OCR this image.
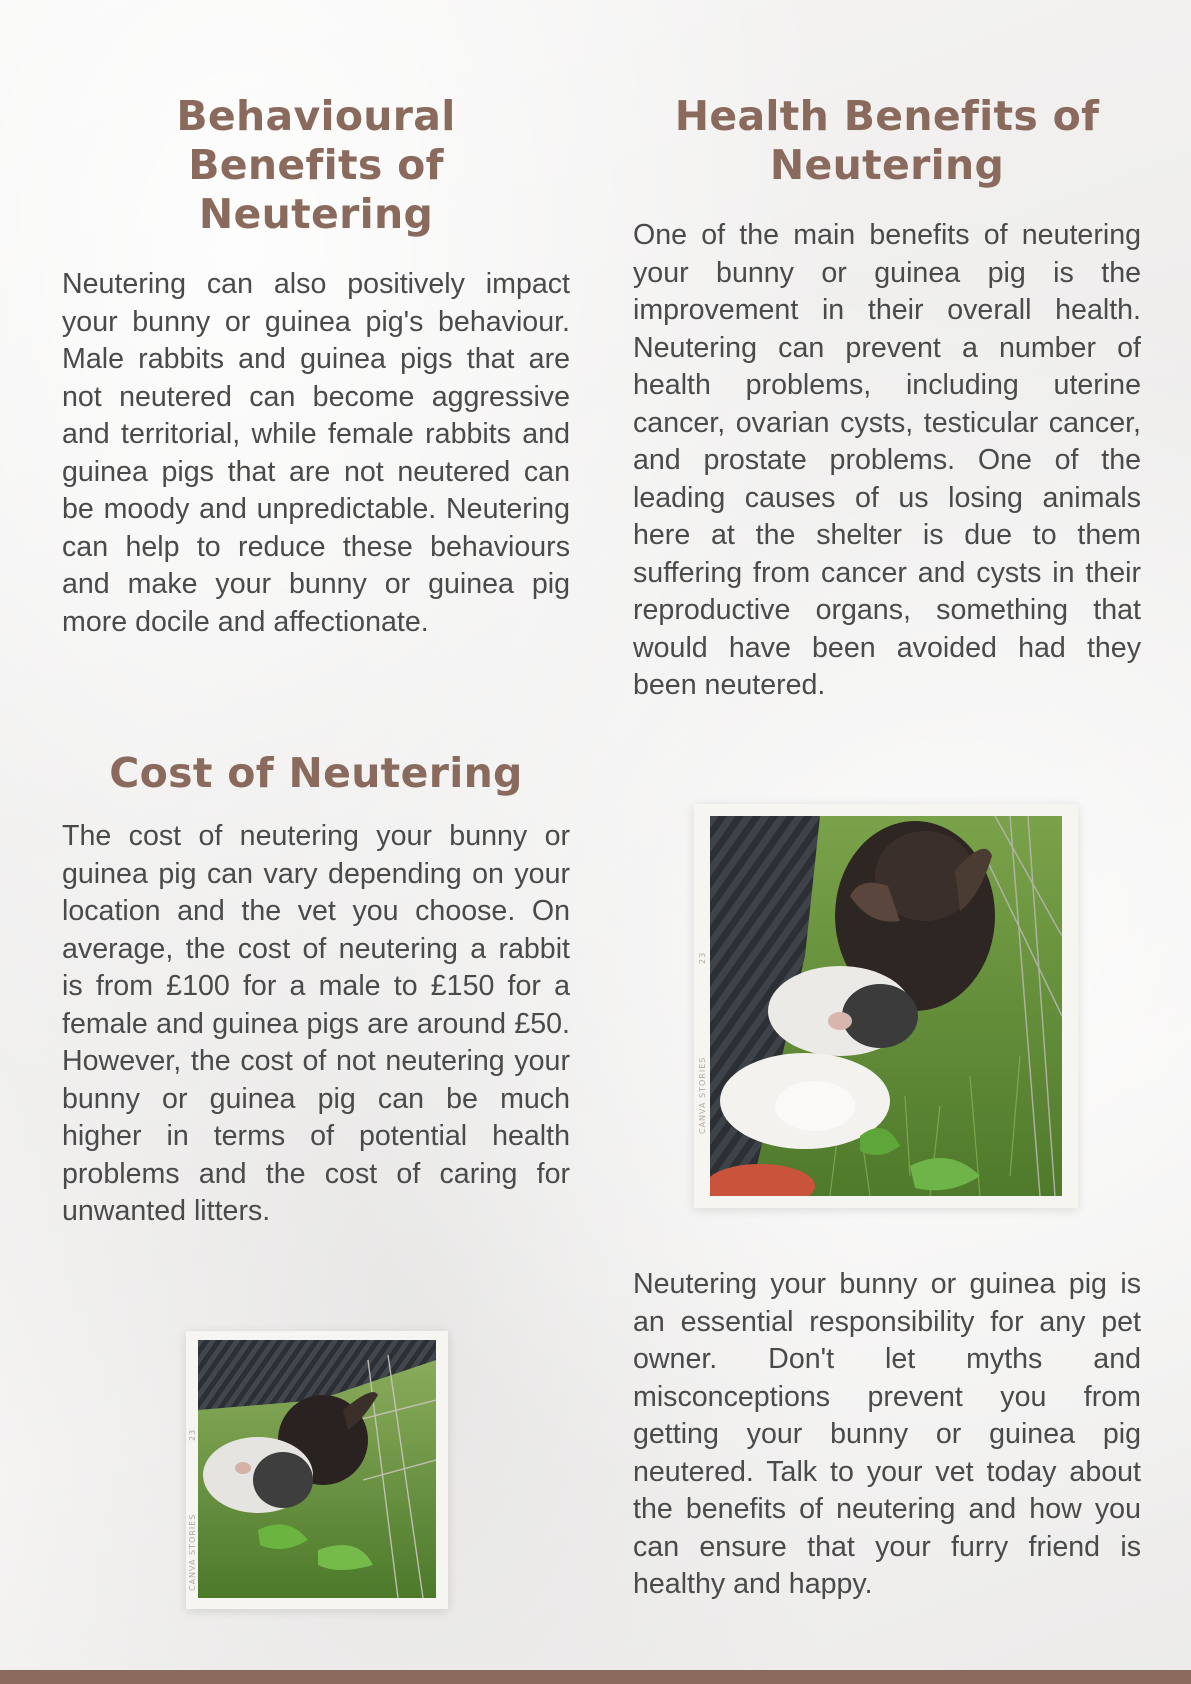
Behavioural Benefits of Neutering

Neutering can also positively impact your bunny or guinea pig's behaviour. Male rabbits and guinea pigs that are not neutered can become aggressive and territorial, while female rabbits and guinea pigs that are not neutered can be moody and unpredictable. Neutering can help to reduce these behaviours and make your bunny or guinea pig more docile and affectionate.

Cost of Neutering

The cost of neutering your bunny or guinea pig can vary depending on your location and the vet you choose. On average, the cost of neutering a rabbit is from £100 for a male to £150 for a female and guinea pigs are around £50. However, the cost of not neutering your bunny or guinea pig can be much higher in terms of potential health problems and the cost of caring for unwanted litters.

Health Benefits of Neutering

One of the main benefits of neutering your bunny or guinea pig is the improvement in their overall health. Neutering can prevent a number of health problems, including uterine cancer, ovarian cysts, testicular cancer, and prostate problems. One of the leading causes of us losing animals here at the shelter is due to them suffering from cancer and cysts in their reproductive organs, something that would have been avoided had they been neutered.

Neutering your bunny or guinea pig is an essential responsibility for any pet owner. Don't let myths and misconceptions prevent you from getting your bunny or guinea pig neutered. Talk to your vet today about the benefits of neutering and how you can ensure that your furry friend is healthy and happy.

CANVA STORIES
23
CANVA STORIES
23
